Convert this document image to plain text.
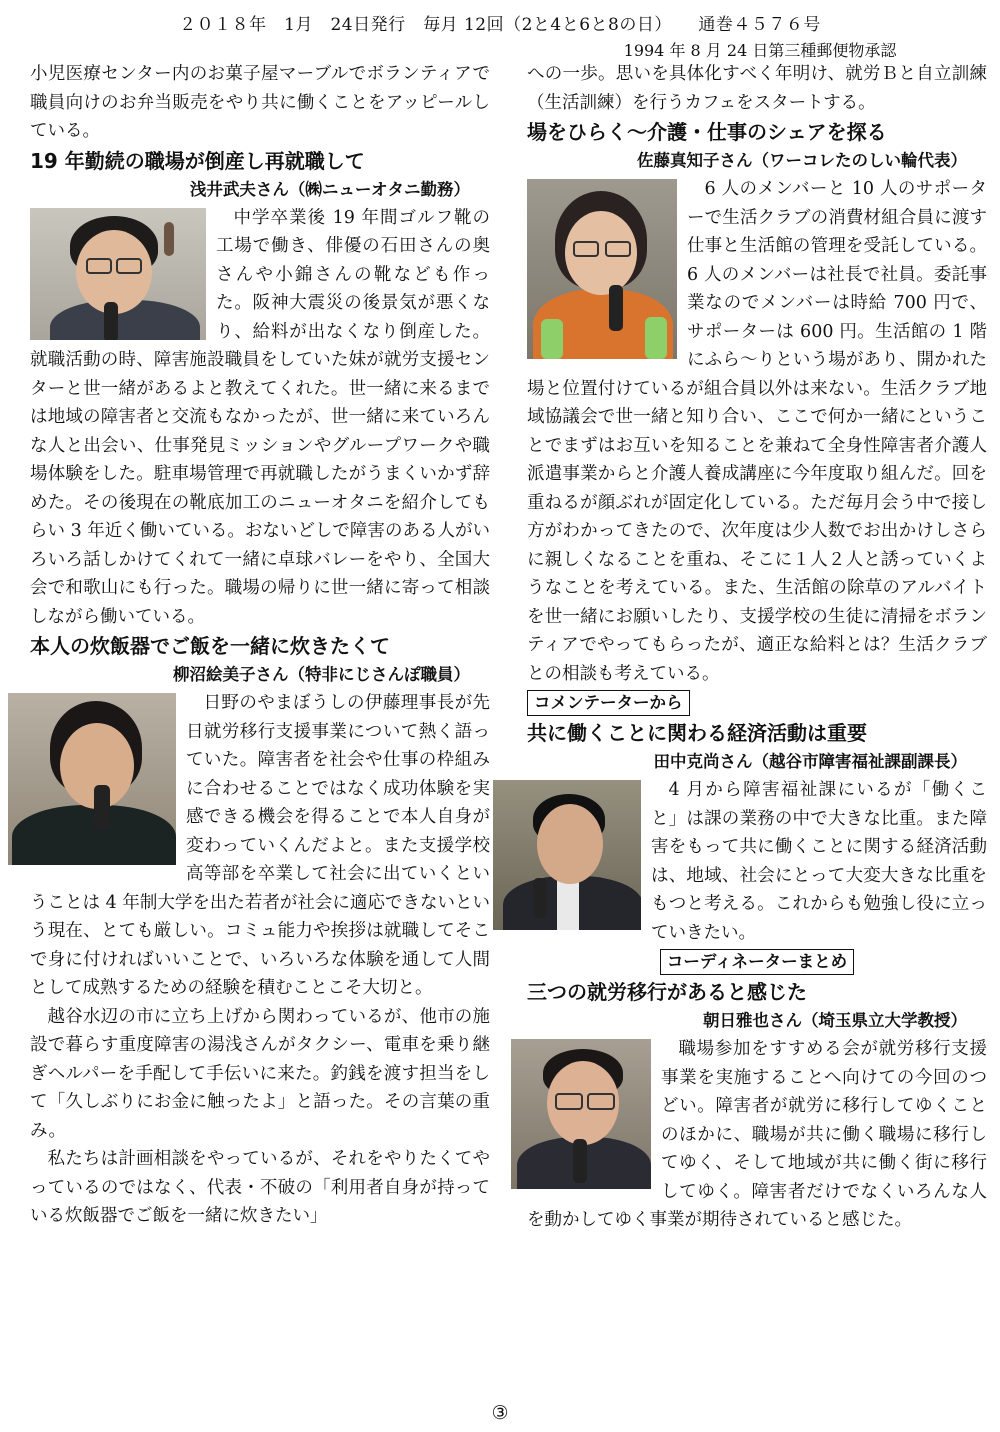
２０１８年　1月　24日発行　毎月 12回（2と4と6と8の日）　　通巻４５７６号
1994 年 8 月 24 日第三種郵便物承認

小児医療センター内のお菓子屋マーブルでボランティアで職員向けのお弁当販売をやり共に働くことをアッピールしている。

19 年勤続の職場が倒産し再就職して

浅井武夫さん（㈱ニューオタニ勤務）

中学卒業後 19 年間ゴルフ靴の工場で働き、俳優の石田さんの奥さんや小錦さんの靴なども作った。阪神大震災の後景気が悪くなり、給料が出なくなり倒産した。就職活動の時、障害施設職員をしていた妹が就労支援センターと世一緒があるよと教えてくれた。世一緒に来るまでは地域の障害者と交流もなかったが、世一緒に来ていろんな人と出会い、仕事発見ミッションやグループワークや職場体験をした。駐車場管理で再就職したがうまくいかず辞めた。その後現在の靴底加工のニューオタニを紹介してもらい 3 年近く働いている。おないどしで障害のある人がいろいろ話しかけてくれて一緒に卓球バレーをやり、全国大会で和歌山にも行った。職場の帰りに世一緒に寄って相談しながら働いている。

本人の炊飯器でご飯を一緒に炊きたくて

柳沼絵美子さん（特非にじさんぽ職員）

日野のやまぼうしの伊藤理事長が先日就労移行支援事業について熱く語っていた。障害者を社会や仕事の枠組みに合わせることではなく成功体験を実感できる機会を得ることで本人自身が変わっていくんだよと。また支援学校高等部を卒業して社会に出ていくということは 4 年制大学を出た若者が社会に適応できないという現在、とても厳しい。コミュ能力や挨拶は就職してそこで身に付ければいいことで、いろいろな体験を通して人間として成熟するための経験を積むことこそ大切と。

越谷水辺の市に立ち上げから関わっているが、他市の施設で暮らす重度障害の湯浅さんがタクシー、電車を乗り継ぎヘルパーを手配して手伝いに来た。釣銭を渡す担当をして「久しぶりにお金に触ったよ」と語った。その言葉の重み。

私たちは計画相談をやっているが、それをやりたくてやっているのではなく、代表・不破の「利用者自身が持っている炊飯器でご飯を一緒に炊きたい」

への一歩。思いを具体化すべく年明け、就労Ｂと自立訓練（生活訓練）を行うカフェをスタートする。

場をひらく～介護・仕事のシェアを探る

佐藤真知子さん（ワーコレたのしい輪代表）

6 人のメンバーと 10 人のサポーターで生活クラブの消費材組合員に渡す仕事と生活館の管理を受託している。6 人のメンバーは社長で社員。委託事業なのでメンバーは時給 700 円で、サポーターは 600 円。生活館の 1 階にふら～りという場があり、開かれた場と位置付けているが組合員以外は来ない。生活クラブ地域協議会で世一緒と知り合い、ここで何か一緒にということでまずはお互いを知ることを兼ねて全身性障害者介護人派遣事業からと介護人養成講座に今年度取り組んだ。回を重ねるが顔ぶれが固定化している。ただ毎月会う中で接し方がわかってきたので、次年度は少人数でお出かけしさらに親しくなることを重ね、そこに１人２人と誘っていくようなことを考えている。また、生活館の除草のアルバイトを世一緒にお願いしたり、支援学校の生徒に清掃をボランティアでやってもらったが、適正な給料とは？生活クラブとの相談も考えている。

コメンテーターから

共に働くことに関わる経済活動は重要

田中克尚さん（越谷市障害福祉課副課長）

4 月から障害福祉課にいるが「働くこと」は課の業務の中で大きな比重。また障害をもって共に働くことに関する経済活動は、地域、社会にとって大変大きな比重をもつと考える。これからも勉強し役に立っていきたい。

コーディネーターまとめ

三つの就労移行があると感じた

朝日雅也さん（埼玉県立大学教授）

職場参加をすすめる会が就労移行支援事業を実施することへ向けての今回のつどい。障害者が就労に移行してゆくことのほかに、職場が共に働く職場に移行してゆく、そして地域が共に働く街に移行してゆく。障害者だけでなくいろんな人を動かしてゆく事業が期待されていると感じた。

③
